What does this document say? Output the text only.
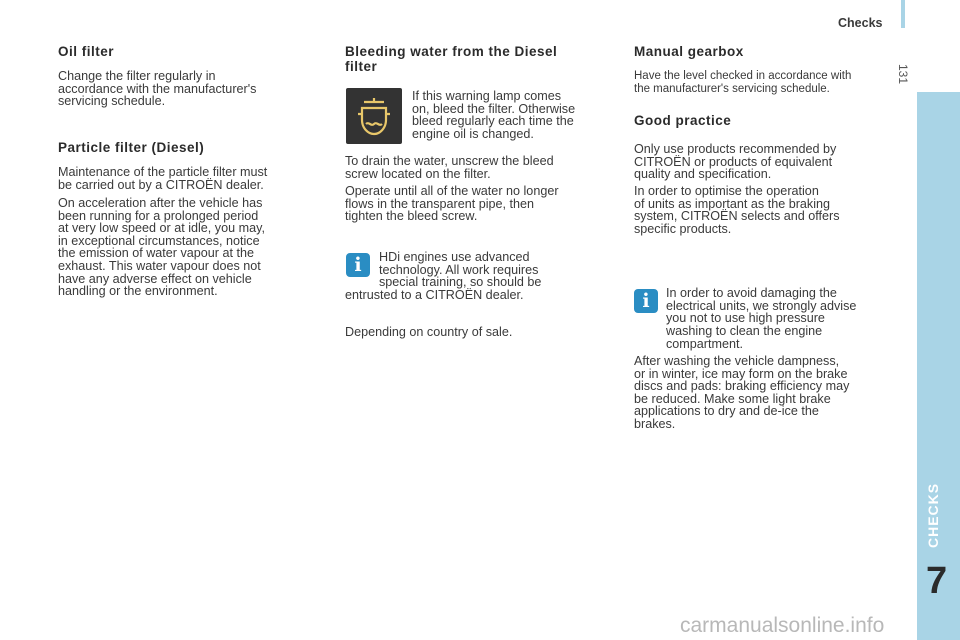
Checks
131
CHECKS
7
Oil filter

Change the filter regularly in
accordance with the manufacturer's
servicing schedule.

Particle filter (Diesel)

Maintenance of the particle filter must
be carried out by a CITROËN dealer.

On acceleration after the vehicle has
been running for a prolonged period
at very low speed or at idle, you may,
in exceptional circumstances, notice
the emission of water vapour at the
exhaust. This water vapour does not
have any adverse effect on vehicle
handling or the environment.

Bleeding water from the Diesel
filter

If this warning lamp comes
on, bleed the filter. Otherwise
bleed regularly each time the
engine oil is changed.

To drain the water, unscrew the bleed
screw located on the filter.

Operate until all of the water no longer
flows in the transparent pipe, then
tighten the bleed screw.

i	HDi engines use advanced
technology. All work requires
special training, so should be

entrusted to a CITROËN dealer.

Depending on country of sale.

Manual gearbox

Have the level checked in accordance with
the manufacturer's servicing schedule.

Good practice

Only use products recommended by
CITROËN or products of equivalent
quality and specification.

In order to optimise the operation
of units as important as the braking
system, CITROËN selects and offers
specific products.

i	In order to avoid damaging the
electrical units, we strongly advise
you not to use high pressure
washing to clean the engine

compartment.

After washing the vehicle dampness,
or in winter, ice may form on the brake
discs and pads: braking efficiency may
be reduced. Make some light brake
applications to dry and de-ice the
brakes.

carmanualsonline.info
